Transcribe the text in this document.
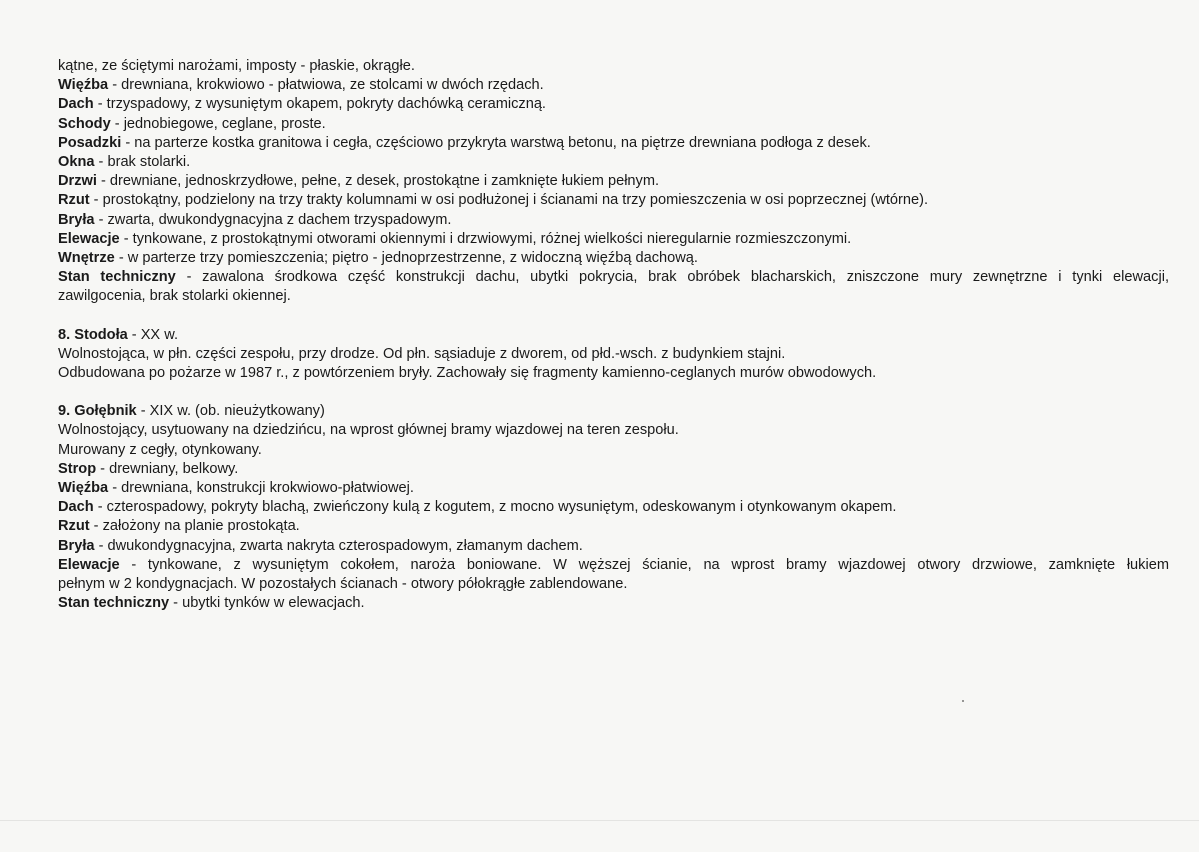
kątne, ze ściętymi narożami, imposty - płaskie, okrągłe.
Więźba - drewniana, krokwiowo - płatwiowa, ze stolcami w dwóch rzędach.
Dach - trzyspadowy, z wysuniętym okapem, pokryty dachówką ceramiczną.
Schody - jednobiegowe, ceglane, proste.
Posadzki - na parterze kostka granitowa i cegła, częściowo przykryta warstwą betonu, na piętrze drewniana podłoga z desek.
Okna - brak stolarki.
Drzwi - drewniane, jednoskrzydłowe, pełne, z desek, prostokątne i zamknięte łukiem pełnym.
Rzut - prostokątny, podzielony na trzy trakty kolumnami w osi podłużonej i ścianami na trzy pomieszczenia w osi poprzecznej (wtórne).
Bryła - zwarta, dwukondygnacyjna z dachem trzyspadowym.
Elewacje - tynkowane, z prostokątnymi otworami okiennymi i drzwiowymi, różnej wielkości nieregularnie rozmieszczonymi.
Wnętrze - w parterze trzy pomieszczenia; piętro - jednoprzestrzenne, z widoczną więźbą dachową.
Stan techniczny - zawalona środkowa część konstrukcji dachu, ubytki pokrycia, brak obróbek blacharskich, zniszczone mury zewnętrzne i tynki elewacji,
zawilgocenia, brak stolarki okiennej.
8. Stodoła - XX w.
Wolnostojąca, w płn. części zespołu, przy drodze. Od płn. sąsiaduje z dworem, od płd.-wsch. z budynkiem stajni.
Odbudowana po pożarze w 1987 r., z powtórzeniem bryły. Zachowały się fragmenty kamienno-ceglanych murów obwodowych.
9. Gołębnik - XIX w. (ob. nieużytkowany)
Wolnostojący, usytuowany na dziedzińcu, na wprost głównej bramy wjazdowej na teren zespołu.
Murowany z cegły, otynkowany.
Strop - drewniany, belkowy.
Więźba - drewniana, konstrukcji krokwiowo-płatwiowej.
Dach - czterospadowy, pokryty blachą, zwieńczony kulą z kogutem, z mocno wysuniętym, odeskowanym i otynkowanym okapem.
Rzut - założony na planie prostokąta.
Bryła - dwukondygnacyjna, zwarta nakryta czterospadowym, złamanym dachem.
Elewacje - tynkowane, z wysuniętym cokołem, naroża boniowane. W węższej ścianie, na wprost bramy wjazdowej otwory drzwiowe, zamknięte łukiem
pełnym w 2 kondygnacjach. W pozostałych ścianach - otwory półokrągłe zablendowane.
Stan techniczny - ubytki tynków w elewacjach.
